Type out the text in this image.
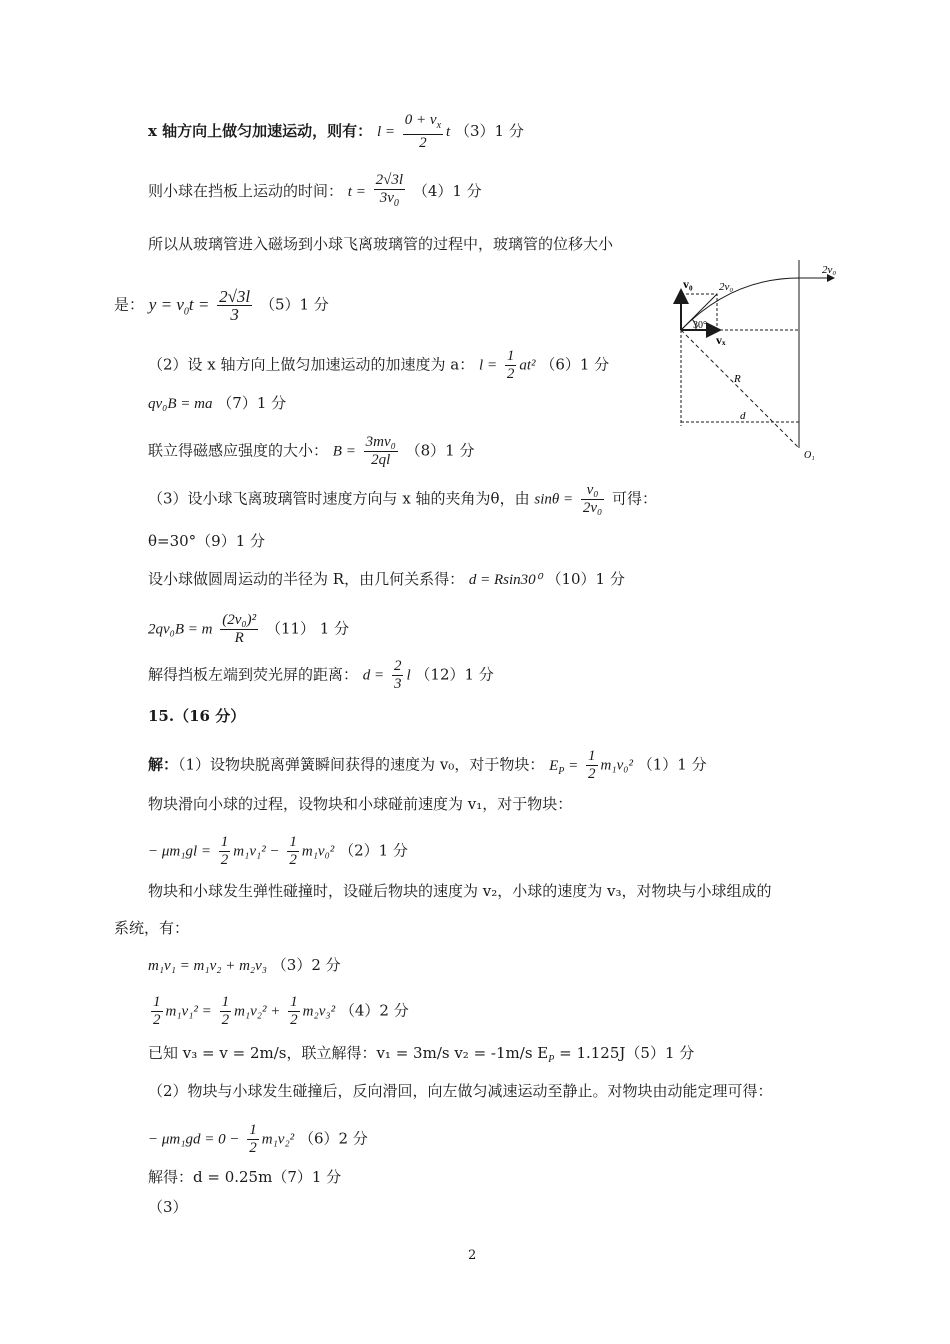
x 轴方向上做匀加速运动，则有： $l = \frac{0 + v_x}{2}$ t （3）1 分
则小球在挡板上运动的时间： $t = \frac{2√3l}{3v_0} (4)1$ 分
所以从玻璃管进入磁场到小球飞离玻璃管的过程中，玻璃管的位移大小
是： $y = v_0t = \frac{2√3l}{3} (5)1$ 分
（2）设 x 轴方向上做匀加速运动的加速度为 a： $l = \frac{1}{2} at^2$ （6）1 分
qv₀B = ma （7）1 分
联立得磁感应强度的大小： $B = \frac{\text{3mv₀}}{2ql} (8)1$ 分
（3）设小球飞离玻璃管时速度方向与 x 轴的夹角为θ，由 $\sin\theta = \frac{\text{v₀}}{\text{2v₀}}$ 可得：
θ=30°（9）1 分
设小球做圆周运动的半径为 R，由几何关系得： d = Rsin30⁰ （10）1 分
2qv₀B = m $\frac{\text{(2v₀)²}}{R} (11)$ 1 分
解得挡板左端到荧光屏的距离： $d = \frac{2}{3}$ l （12）1 分
15.（16 分）
解：（1）设物块脱离弹簧瞬间获得的速度为 v₀，对于物块： $E_P = \frac{1}{2} m_1v_0^2$ （1）1 分
物块滑向小球的过程，设物块和小球碰前速度为 v₁，对于物块：
− $\mu m_1gl = \frac{1}{2} m_1v_1^2 - \frac{1}{2} m_1v_0^2$ （2）1 分
物块和小球发生弹性碰撞时，设碰后物块的速度为 v₂，小球的速度为 v₃，对物块与小球组成的
系统，有：
m₁v₁ = m₁v₂ + m₂v₃ （3）2 分
$\frac{1}{2} m_1v_1^2 = \frac{1}{2} m_1v_2^2 + \frac{1}{2} m_2v_3^2$ （4）2 分
已知 v₃ = v = 2m/s，联立解得：v₁ = 3m/s v₂ = -1m/s $E_P = 1.125J(5)1$ 分
（2）物块与小球发生碰撞后，反向滑回，向左做匀减速运动至静止。对物块由动能定理可得：
− $\mu m_1gd = 0 - \frac{1}{2} m_1v_2^2$ （6）2 分
解得：d = 0.25m（7）1 分
（3）
2v₀
v₀ 2v₀
30°
vₓ
R
d
O₁
2
